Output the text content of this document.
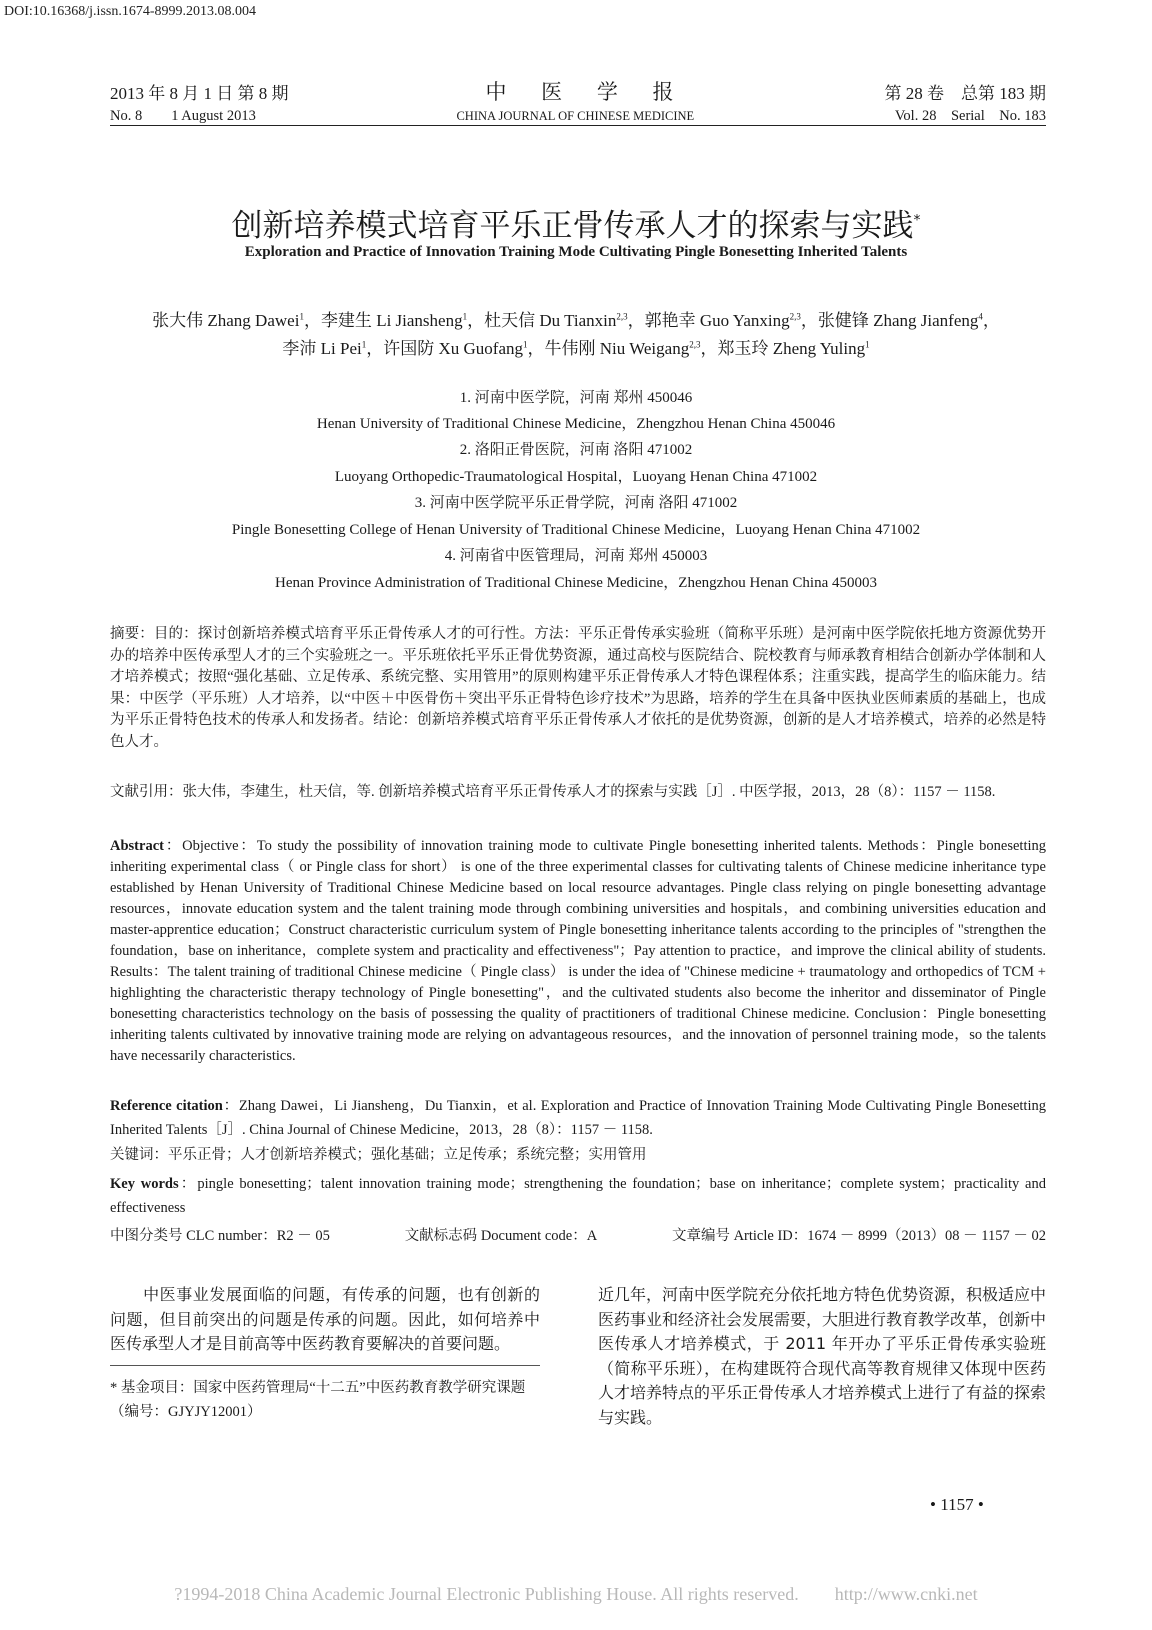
DOI:10.16368/j.issn.1674-8999.2013.08.004
2013 年 8 月 1 日 第 8 期	中 医 学 报	第 28 卷　总第 183 期
No. 8　　1 August 2013	CHINA JOURNAL OF CHINESE MEDICINE	Vol. 28　Serial　No. 183
创新培养模式培育平乐正骨传承人才的探索与实践*
Exploration and Practice of Innovation Training Mode Cultivating Pingle Bonesetting Inherited Talents
张大伟 Zhang Dawei$^1$，李建生 Li Jiansheng$^1$，杜天信 Du Tianxin$^{2,3}$，郭艳幸 Guo Yanxing$^{2,3}$，张健锋 Zhang Jianfeng$^4$，
李沛 Li Pei$^1$，许国防 Xu Guofang$^1$，牛伟刚 Niu Weigang$^{2,3}$，郑玉玲 Zheng Yuling$^1$
1. 河南中医学院，河南 郑州 450046
Henan University of Traditional Chinese Medicine，Zhengzhou Henan China 450046
2. 洛阳正骨医院，河南 洛阳 471002
Luoyang Orthopedic-Traumatological Hospital，Luoyang Henan China 471002
3. 河南中医学院平乐正骨学院，河南 洛阳 471002
Pingle Bonesetting College of Henan University of Traditional Chinese Medicine，Luoyang Henan China 471002
4. 河南省中医管理局，河南 郑州 450003
Henan Province Administration of Traditional Chinese Medicine，Zhengzhou Henan China 450003
摘要：目的：探讨创新培养模式培育平乐正骨传承人才的可行性。方法：平乐正骨传承实验班（简称平乐班）是河南中医学院依托地方资源优势开办的培养中医传承型人才的三个实验班之一。平乐班依托平乐正骨优势资源，通过高校与医院结合、院校教育与师承教育相结合创新办学体制和人才培养模式；按照“强化基础、立足传承、系统完整、实用管用”的原则构建平乐正骨传承人才特色课程体系；注重实践，提高学生的临床能力。结果：中医学（平乐班）人才培养，以“中医＋中医骨伤＋突出平乐正骨特色诊疗技术”为思路，培养的学生在具备中医执业医师素质的基础上，也成为平乐正骨特色技术的传承人和发扬者。结论：创新培养模式培育平乐正骨传承人才依托的是优势资源，创新的是人才培养模式，培养的必然是特色人才。
文献引用：张大伟，李建生，杜天信，等. 创新培养模式培育平乐正骨传承人才的探索与实践［J］. 中医学报，2013，28（8）：1157 － 1158.
Abstract：Objective：To study the possibility of innovation training mode to cultivate Pingle bonesetting inherited talents. Methods：Pingle bonesetting inheriting experimental class（ or Pingle class for short） is one of the three experimental classes for cultivating talents of Chinese medicine inheritance type established by Henan University of Traditional Chinese Medicine based on local resource advantages. Pingle class relying on pingle bonesetting advantage resources，innovate education system and the talent training mode through combining universities and hospitals，and combining universities education and master-apprentice education；Construct characteristic curriculum system of Pingle bonesetting inheritance talents according to the principles of "strengthen the foundation，base on inheritance，complete system and practicality and effectiveness"；Pay attention to practice，and improve the clinical ability of students. Results：The talent training of traditional Chinese medicine（ Pingle class） is under the idea of "Chinese medicine + traumatology and orthopedics of TCM + highlighting the characteristic therapy technology of Pingle bonesetting"，and the cultivated students also become the inheritor and disseminator of Pingle bonesetting characteristics technology on the basis of possessing the quality of practitioners of traditional Chinese medicine. Conclusion：Pingle bonesetting inheriting talents cultivated by innovative training mode are relying on advantageous resources，and the innovation of personnel training mode，so the talents have necessarily characteristics.
Reference citation：Zhang Dawei，Li Jiansheng，Du Tianxin，et al. Exploration and Practice of Innovation Training Mode Cultivating Pingle Bonesetting Inherited Talents［J］. China Journal of Chinese Medicine，2013，28（8）：1157 － 1158.
关键词：平乐正骨；人才创新培养模式；强化基础；立足传承；系统完整；实用管用
Key words：pingle bonesetting；talent innovation training mode；strengthening the foundation；base on inheritance；complete system；practicality and effectiveness
中图分类号 CLC number：R2 － 05	文献标志码 Document code：A	文章编号 Article ID：1674 － 8999（2013）08 － 1157 － 02
　　中医事业发展面临的问题，有传承的问题，也有创新的问题，但目前突出的问题是传承的问题。因此，如何培养中医传承型人才是目前高等中医药教育要解决的首要问题。
近几年，河南中医学院充分依托地方特色优势资源，积极适应中医药事业和经济社会发展需要，大胆进行教育教学改革，创新中医传承人才培养模式，于 2011 年开办了平乐正骨传承实验班（简称平乐班），在构建既符合现代高等教育规律又体现中医药人才培养特点的平乐正骨传承人才培养模式上进行了有益的探索与实践。
* 基金项目：国家中医药管理局“十二五”中医药教育教学研究课题（编号：GJYJY12001）
• 1157 •
?1994-2018 China Academic Journal Electronic Publishing House. All rights reserved.　　http://www.cnki.net
